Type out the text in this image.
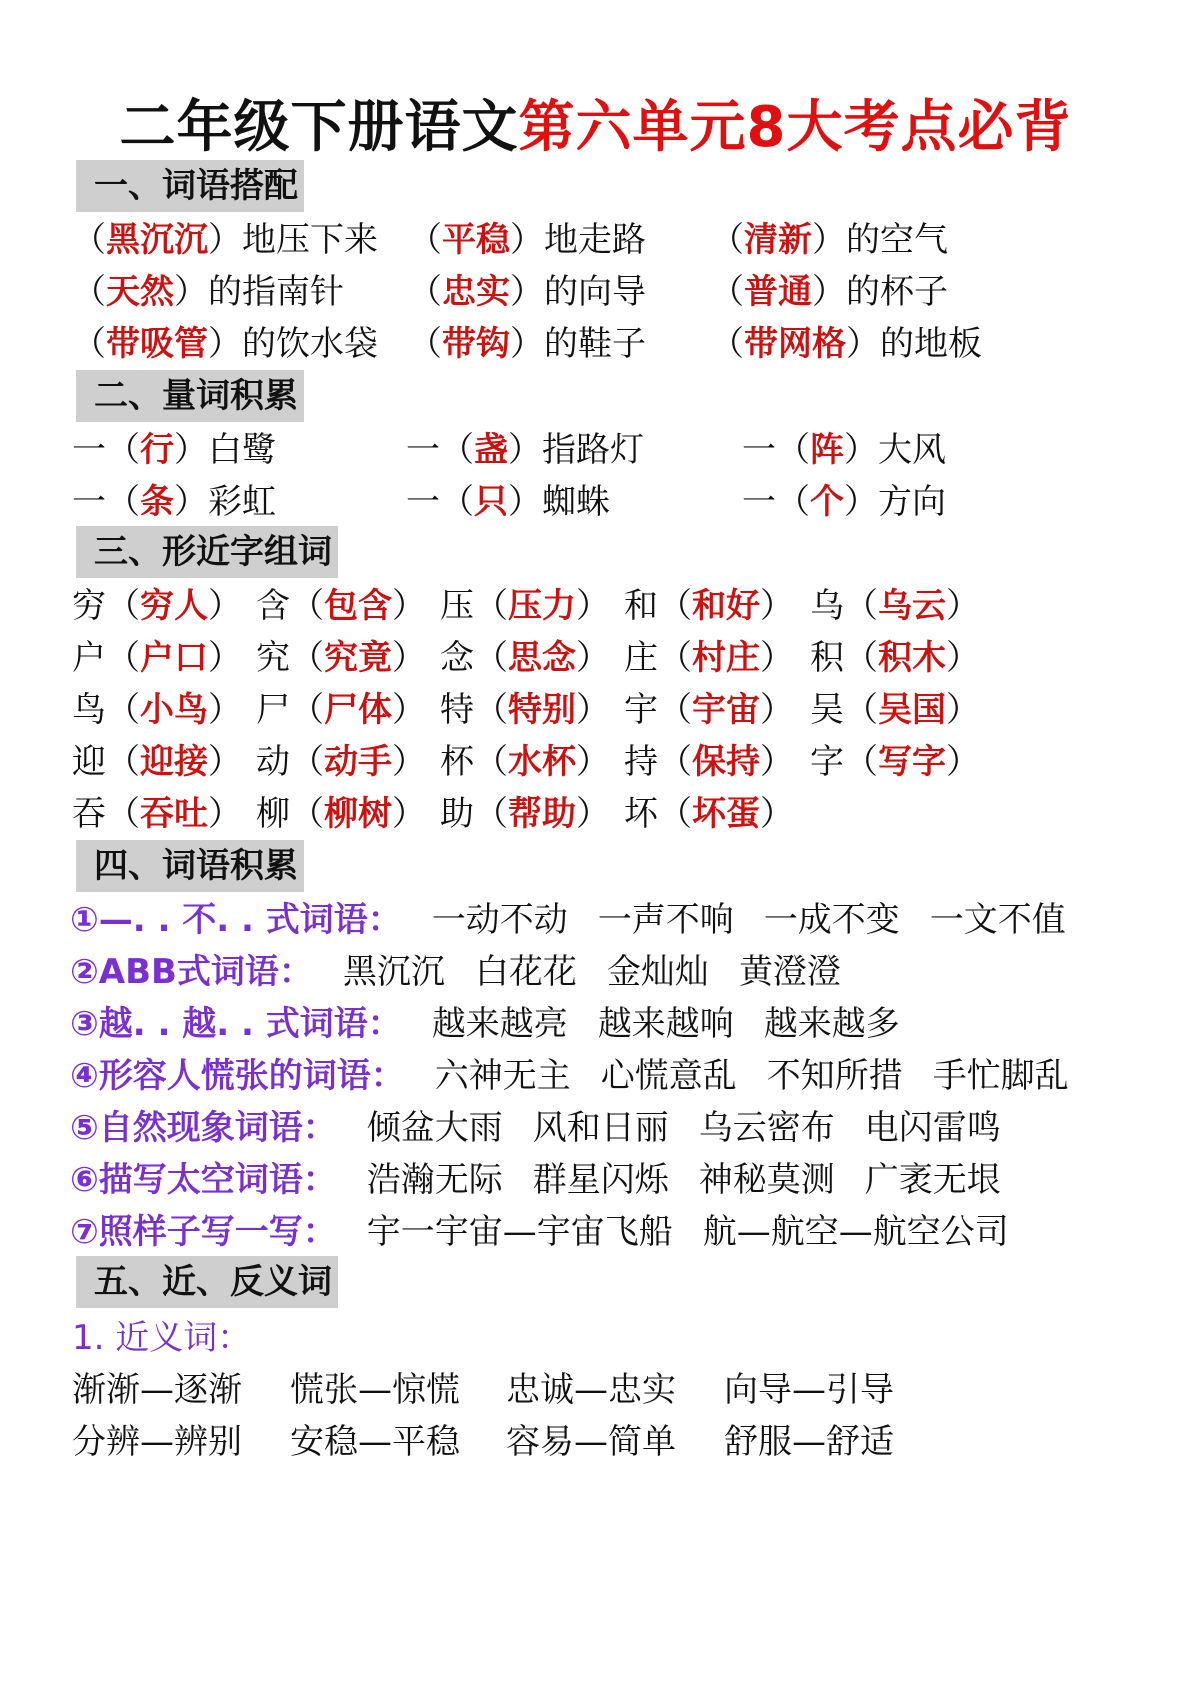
二年级下册语文第六单元8大考点必背
一、词语搭配
（黑沉沉）地压下来 （平稳）地走路 （清新）的空气
（天然）的指南针 （忠实）的向导 （普通）的杯子
（带吸管）的饮水袋 （带钩）的鞋子 （带网格）的地板
二、量词积累
一（行）白鹭	一（盏）指路灯	一（阵）大风
一（条）彩虹	一（只）蜘蛛	一（个）方向
三、形近字组词
穷（穷人） 含（包含） 压（压力） 和（和好） 乌（乌云）
户（户口） 究（究竟） 念（思念） 庄（村庄） 积（积木）
鸟（小鸟） 尸（尸体） 特（特别） 宇（宇宙） 吴（吴国）
迎（迎接） 动（动手） 杯（水杯） 持（保持） 字（写字）
吞（吞吐） 柳（柳树） 助（帮助） 坏（坏蛋）
四、词语积累
①—. . 不. . 式词语： 一动不动 一声不响 一成不变 一文不值
②ABB式词语： 黑沉沉 白花花 金灿灿 黄澄澄
③越. . 越. . 式词语： 越来越亮 越来越响 越来越多
④形容人慌张的词语： 六神无主 心慌意乱 不知所措 手忙脚乱
⑤自然现象词语： 倾盆大雨 风和日丽 乌云密布 电闪雷鸣
⑥描写太空词语： 浩瀚无际 群星闪烁 神秘莫测 广袤无垠
⑦照样子写一写： 宇一宇宙—宇宙飞船 航—航空—航空公司
五、近、反义词
1. 近义词：
渐渐—逐渐 慌张—惊慌 忠诚—忠实 向导—引导
分辨—辨别 安稳—平稳 容易—简单 舒服—舒适
